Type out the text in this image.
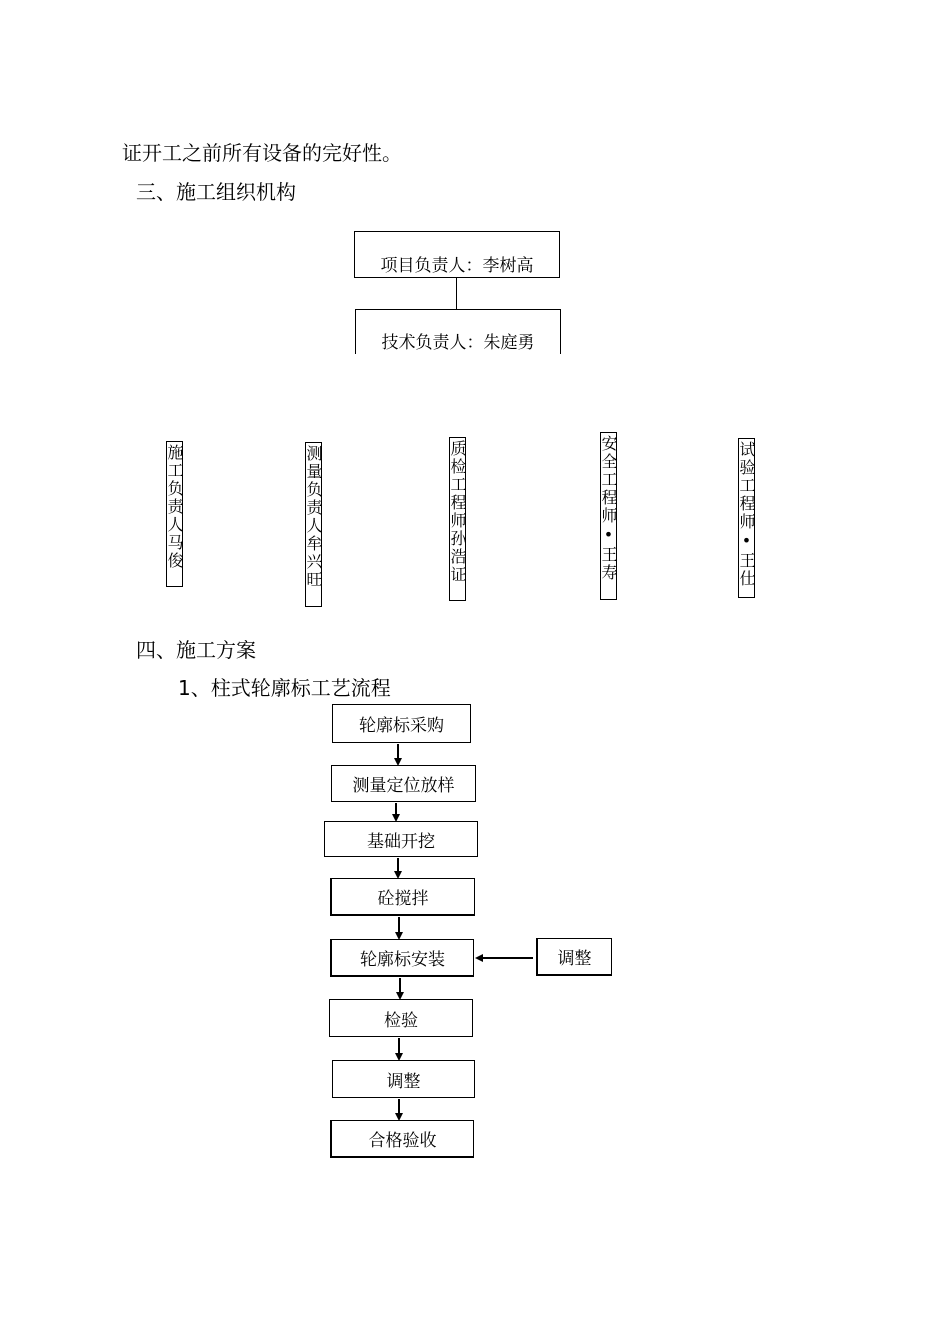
证开工之前所有设备的完好性。
三、施工组织机构
四、施工方案
1、柱式轮廓标工艺流程
项目负责人：李树高
技术负责人：朱庭勇
施工负责人马俊	测量负责人牟兴旺	质检工程师孙浩证	安全工程师•王寿	试验工程师•王仕
轮廓标采购
测量定位放样
基础开挖
砼搅拌
轮廓标安装
检验
调整
合格验收
调整
